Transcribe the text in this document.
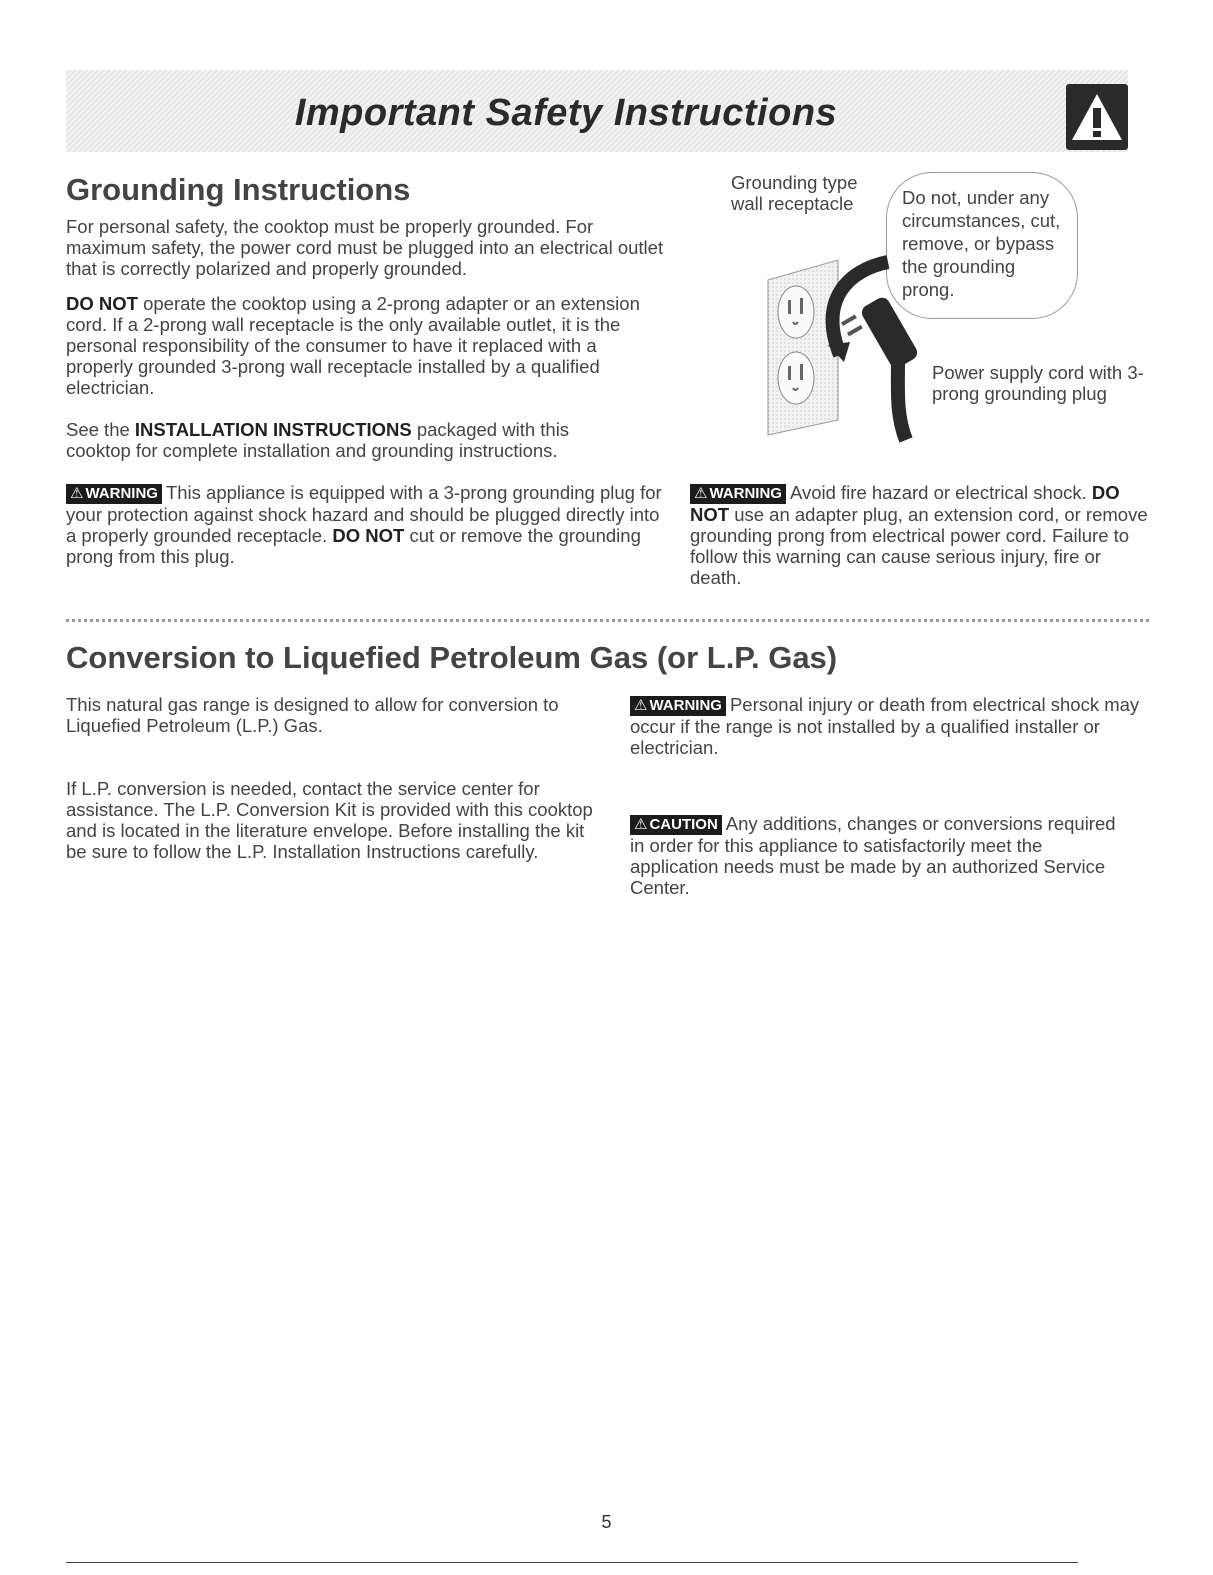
Important Safety Instructions
Grounding Instructions

For personal safety, the cooktop must be properly grounded. For maximum safety, the power cord must be plugged into an electrical outlet that is correctly polarized and properly grounded.

DO NOT operate the cooktop using a 2-prong adapter or an extension cord. If a 2-prong wall receptacle is the only available outlet, it is the personal responsibility of the consumer to have it replaced with a properly grounded 3-prong wall receptacle installed by a qualified electrician.

See the INSTALLATION INSTRUCTIONS packaged with this cooktop for complete installation and grounding instructions.

⚠ WARNING This appliance is equipped with a 3-prong grounding plug for your protection against shock hazard and should be plugged directly into a properly grounded receptacle. DO NOT cut or remove the grounding prong from this plug.

Grounding type wall receptacle	Do not, under any circumstances, cut, remove, or bypass the grounding prong.

Power supply cord with 3-prong grounding plug

⚠ WARNING Avoid fire hazard or electrical shock. DO NOT use an adapter plug, an extension cord, or remove grounding prong from electrical power cord. Failure to follow this warning can cause serious injury, fire or death.

Conversion to Liquefied Petroleum Gas (or L.P. Gas)

This natural gas range is designed to allow for conversion to Liquefied Petroleum (L.P.) Gas.

If L.P. conversion is needed, contact the service center for assistance. The L.P. Conversion Kit is provided with this cooktop and is located in the literature envelope. Before installing the kit be sure to follow the L.P. Installation Instructions carefully.

⚠ WARNING Personal injury or death from electrical shock may occur if the range is not installed by a qualified installer or electrician.

⚠ CAUTION Any additions, changes or conversions required in order for this appliance to satisfactorily meet the application needs must be made by an authorized Service Center.

5
